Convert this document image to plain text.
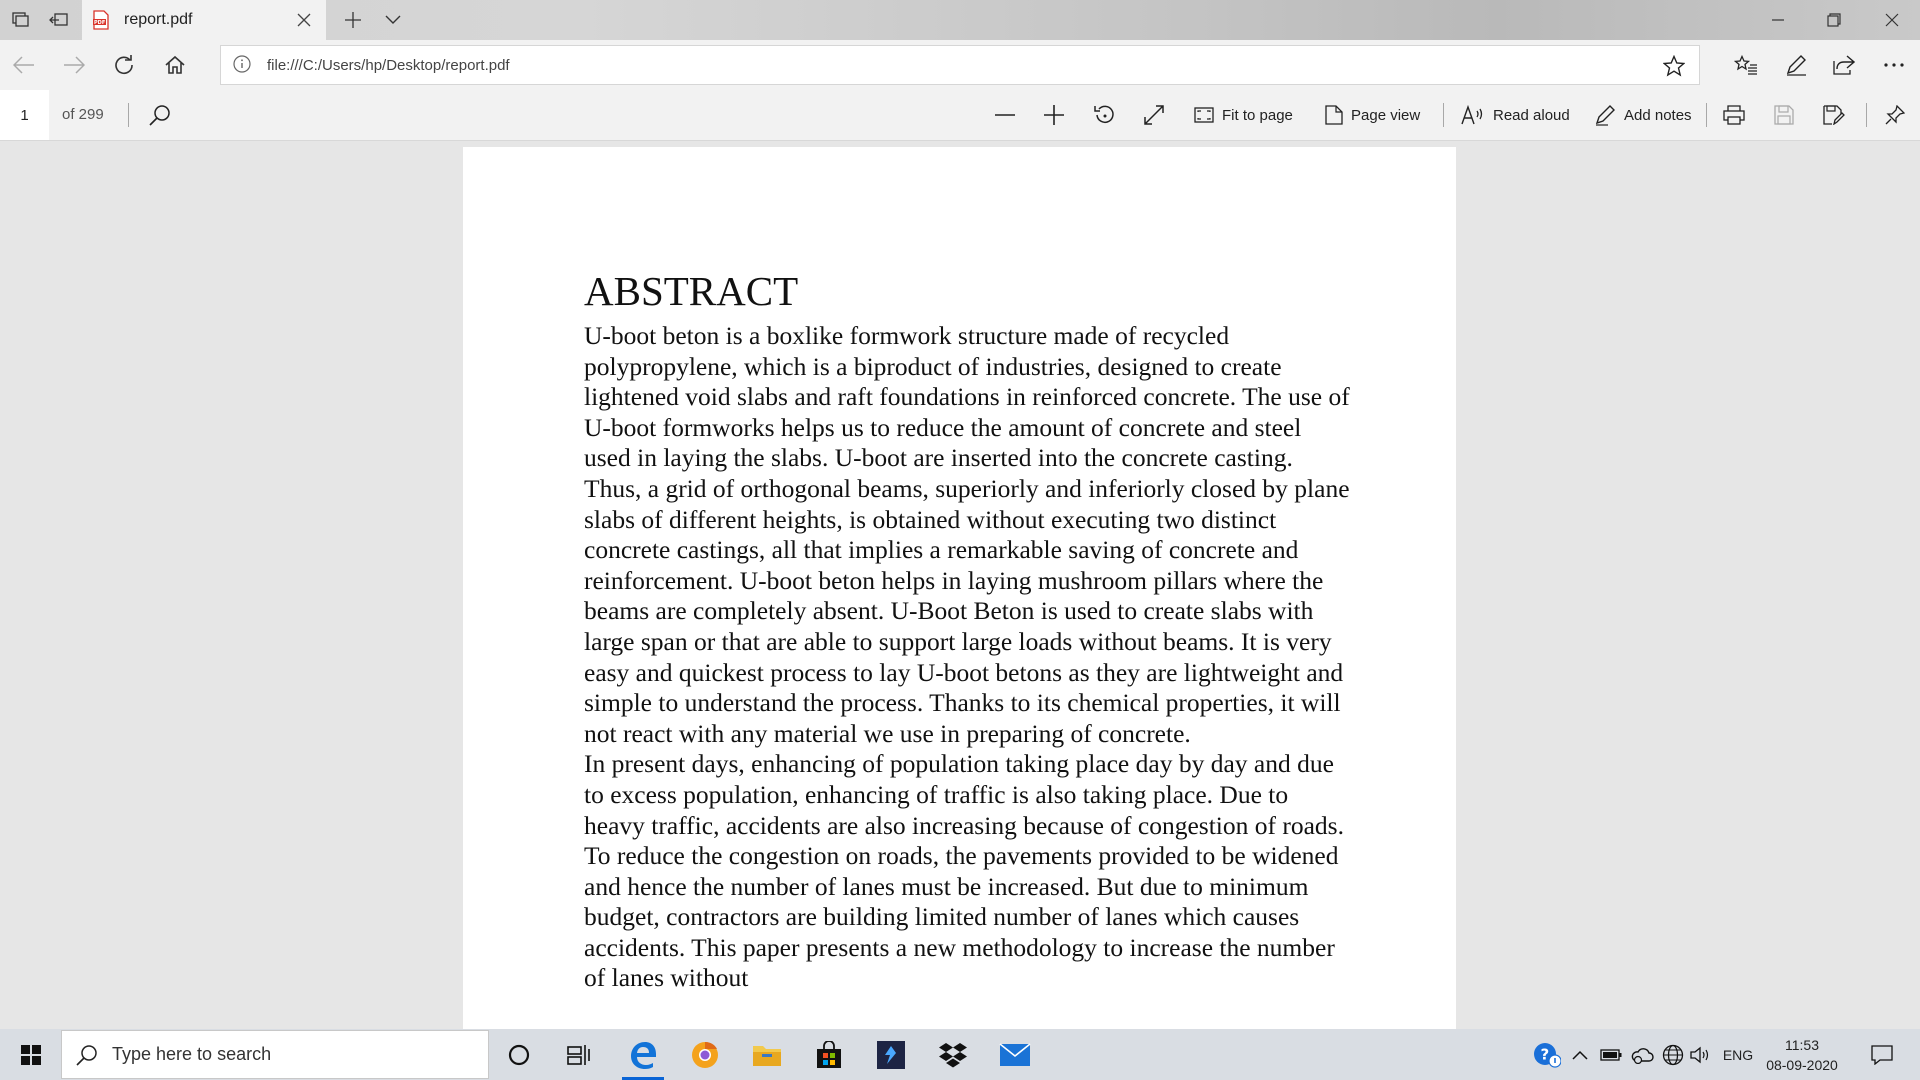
PDF report.pdf
file:///C:/Users/hp/Desktop/report.pdf
1	of 299	Fit to page	Page view	Read aloud	Add notes
ABSTRACT

U-boot beton is a boxlike formwork structure made of recycled polypropylene, which is a biproduct of industries, designed to create lightened void slabs and raft foundations in reinforced concrete. The use of U-boot formworks helps us to reduce the amount of concrete and steel used in laying the slabs. U-boot are inserted into the concrete casting. Thus, a grid of orthogonal beams, superiorly and inferiorly closed by plane slabs of different heights, is obtained without executing two distinct concrete castings, all that implies a remarkable saving of concrete and reinforcement. U-boot beton helps in laying mushroom pillars where the beams are completely absent. U-Boot Beton is used to create slabs with large span or that are able to support large loads without beams. It is very easy and quickest process to lay U-boot betons as they are lightweight and simple to understand the process. Thanks to its chemical properties, it will not react with any material we use in preparing of concrete.

In present days, enhancing of population taking place day by day and due to excess population, enhancing of traffic is also taking place. Due to heavy traffic, accidents are also increasing because of congestion of roads. To reduce the congestion on roads, the pavements provided to be widened and hence the number of lanes must be increased. But due to minimum budget, contractors are building limited number of lanes which causes accidents. This paper presents a new methodology to increase the number of lanes without

Type here to search	?	ENG
11:53
08-09-2020
